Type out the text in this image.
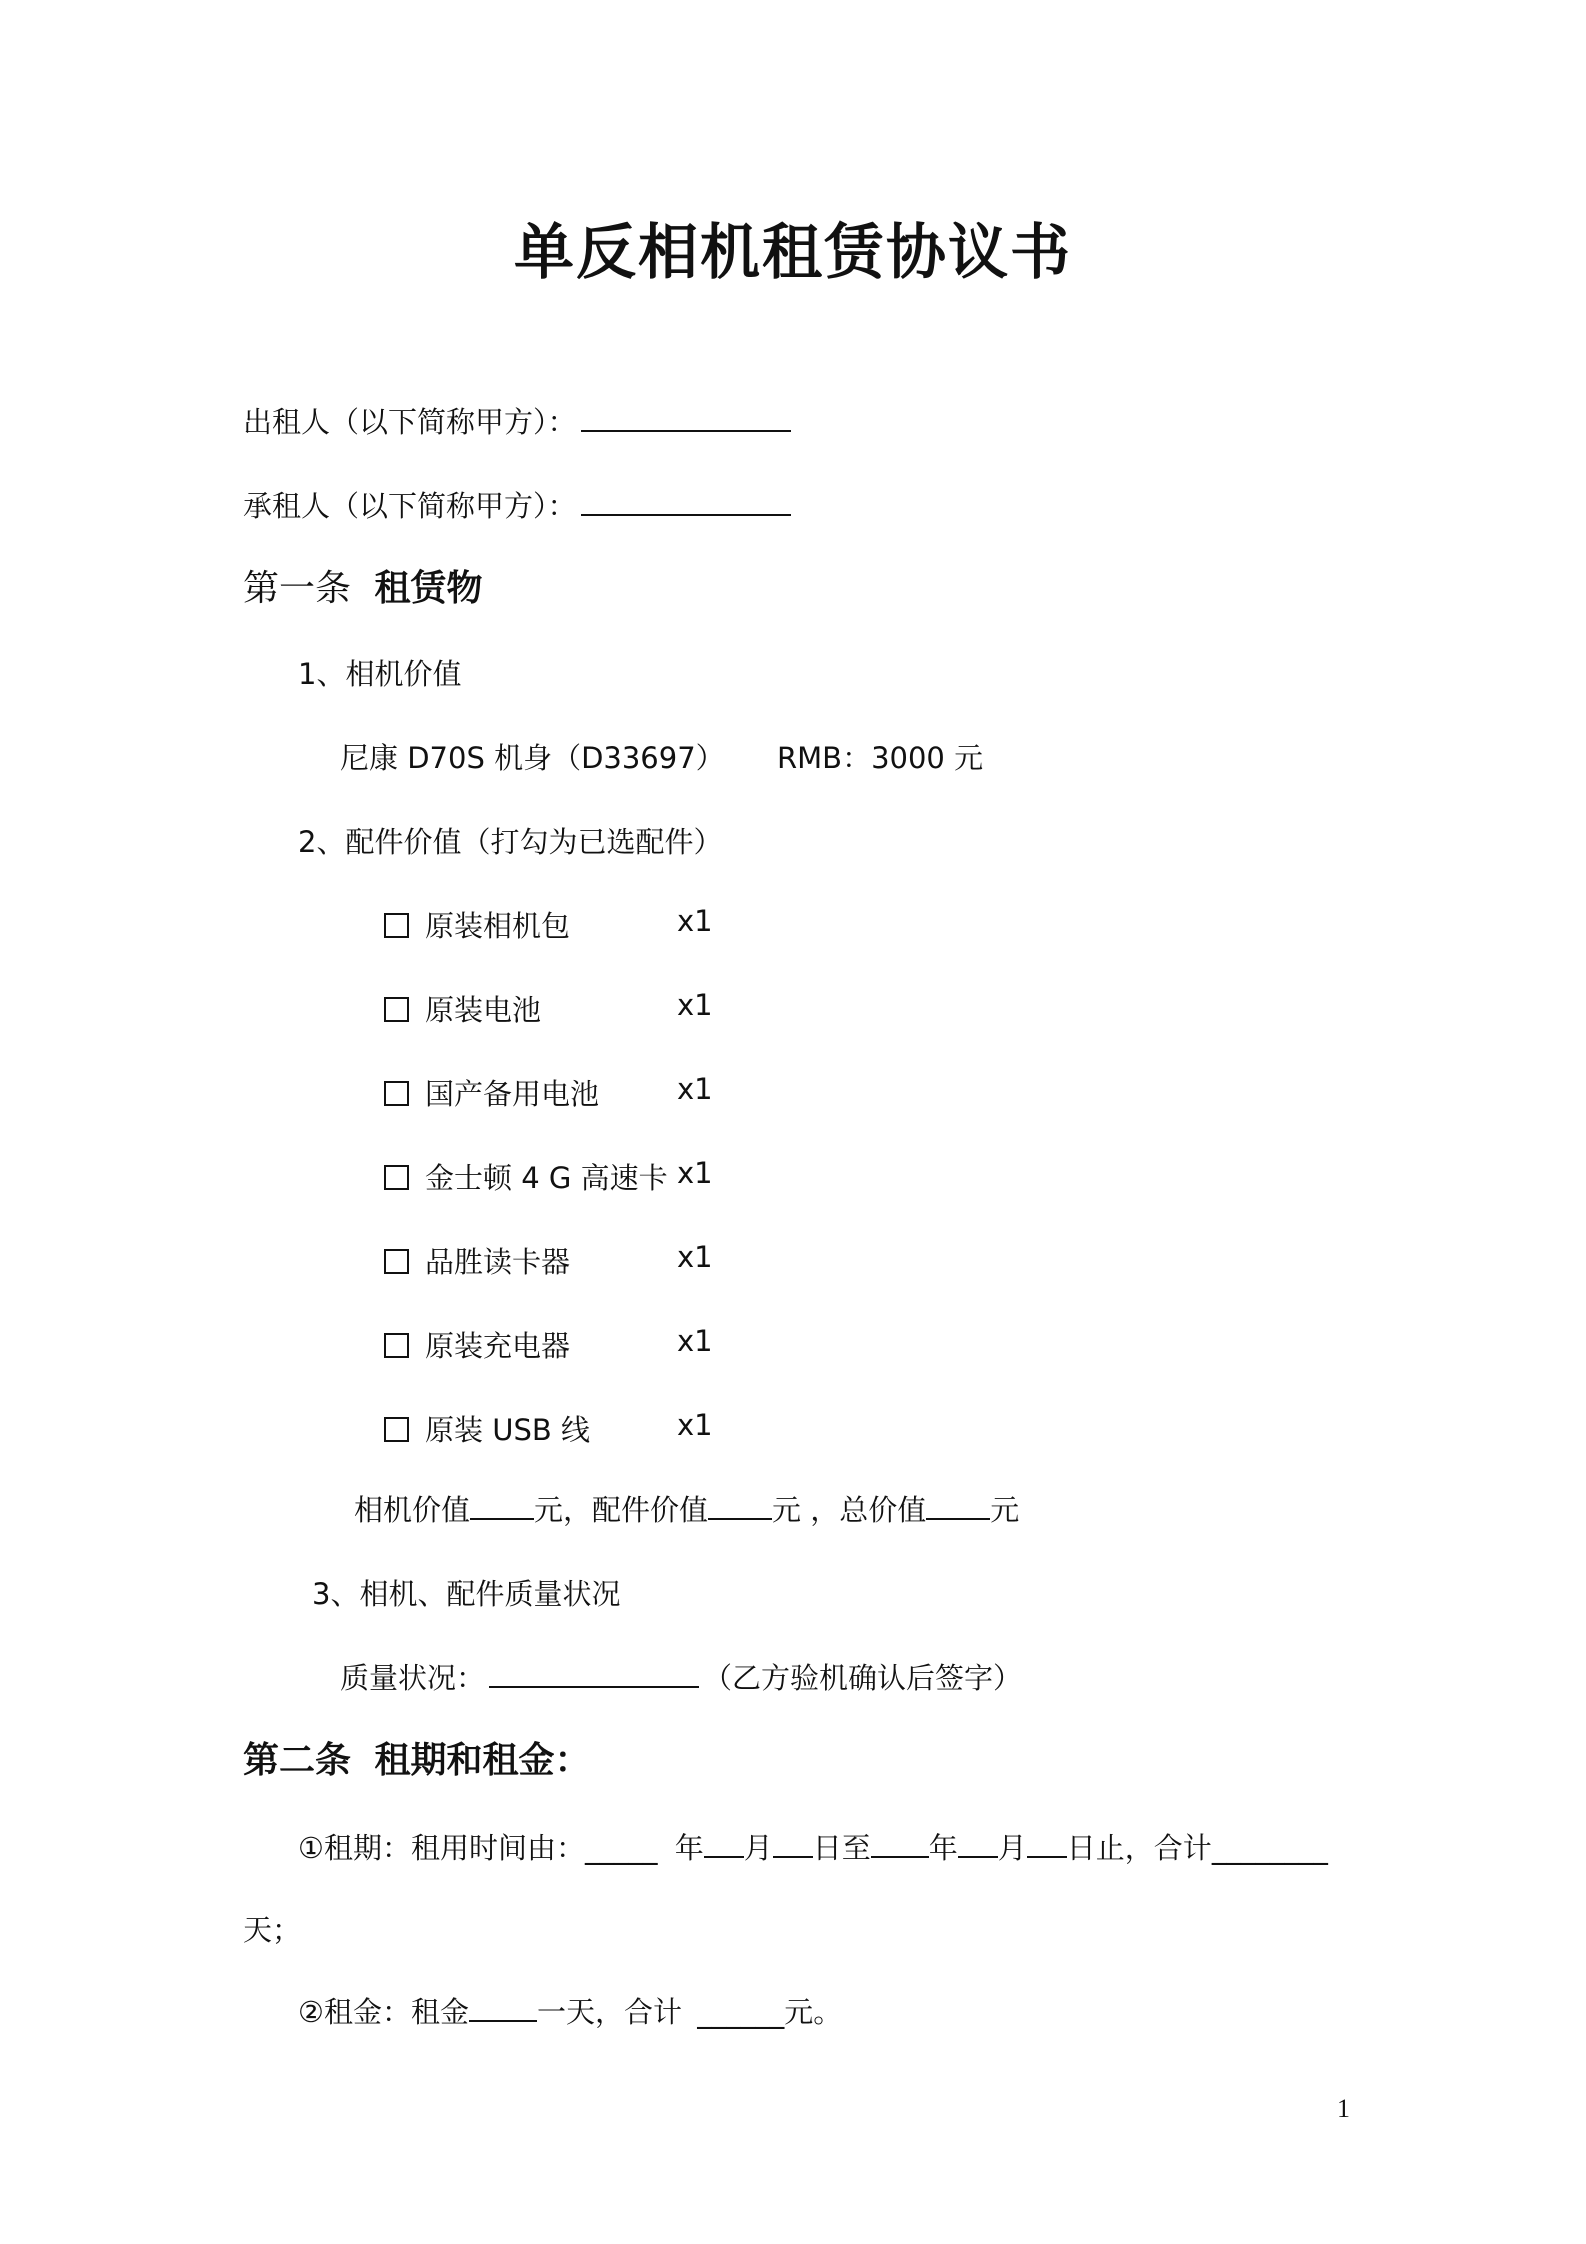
单反相机租赁协议书
出租人（以下简称甲方）：
承租人（以下简称甲方）：
第一条 租赁物
1、相机价值
尼康 D70S 机身（D33697） RMB：3000 元
2、配件价值（打勾为已选配件）
原装相机包	x1
原装电池	x1
国产备用电池	x1
金士顿 4 G 高速卡 x1
品胜读卡器	x1
原装充电器	x1
原装 USB 线	x1
相机价值 元，配件价值 元 ，总价值 元
3、相机、配件质量状况
质量状况：	（乙方验机确认后签字）
第二条 租期和租金：
①租期：租用时间由：_____ 年 月 日至 年 月 日止，合计________
天；
②租金：租金 一天，合计 ______元。
1
